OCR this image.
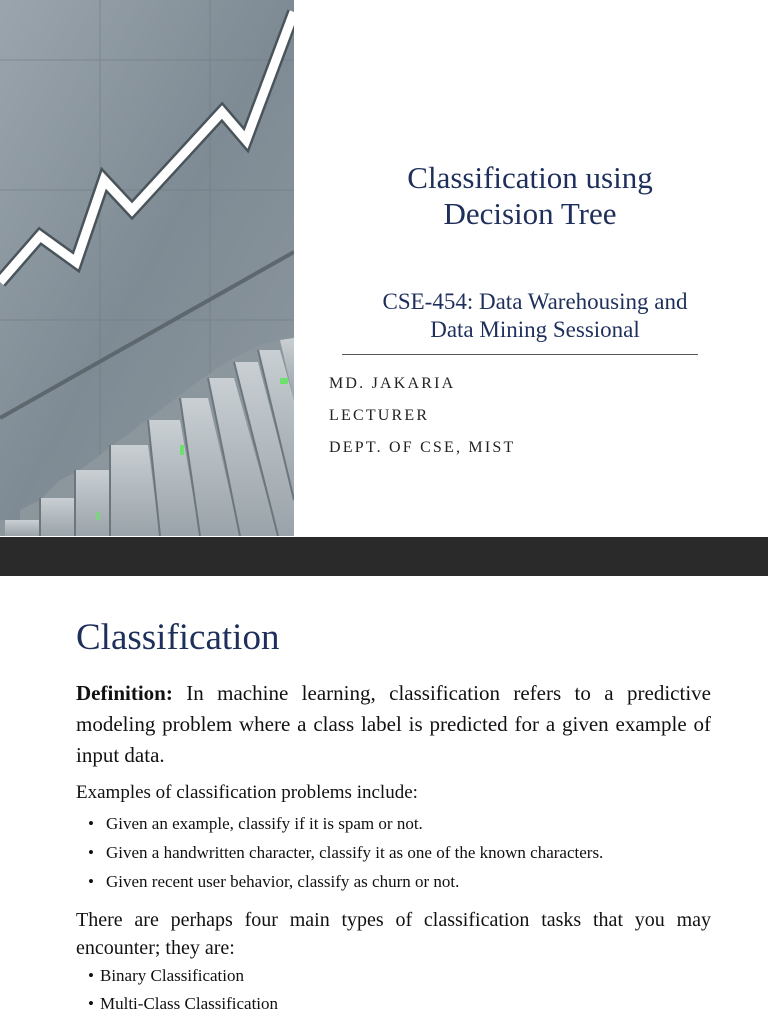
Classification using
Decision Tree
CSE-454: Data Warehousing and
Data Mining Sessional
MD. JAKARIA
LECTURER
DEPT. OF CSE, MIST
Classification
Definition: In machine learning, classification refers to a predictive modeling problem where a class label is predicted for a given example of input data.
Examples of classification problems include:
• Given an example, classify if it is spam or not.
• Given a handwritten character, classify it as one of the known characters.
• Given recent user behavior, classify as churn or not.
There are perhaps four main types of classification tasks that you may encounter; they are:
• Binary Classification
• Multi-Class Classification
